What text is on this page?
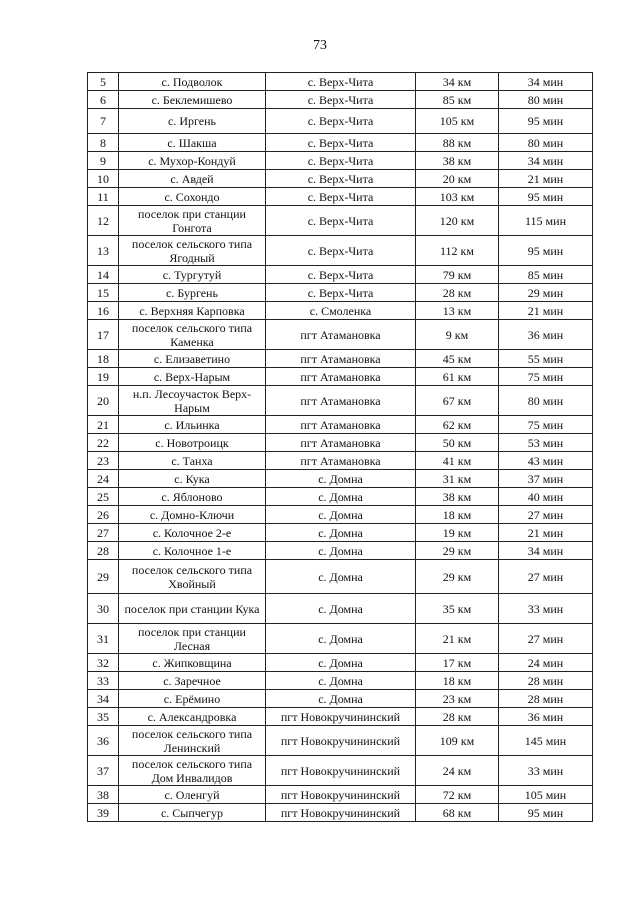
73
5	с. Подволок	с. Верх-Чита	34 км	34 мин
6	с. Беклемишево	с. Верх-Чита	85 км	80 мин
7	с. Иргень	с. Верх-Чита	105 км	95 мин
8	с. Шакша	с. Верх-Чита	88 км	80 мин
9	с. Мухор-Кондуй	с. Верх-Чита	38 км	34 мин
10	с. Авдей	с. Верх-Чита	20 км	21 мин
11	с. Сохондо	с. Верх-Чита	103 км	95 мин
12	поселок при станции Гонгота	с. Верх-Чита	120 км	115 мин
13	поселок сельского типа Ягодный	с. Верх-Чита	112 км	95 мин
14	с. Тургутуй	с. Верх-Чита	79 км	85 мин
15	с. Бургень	с. Верх-Чита	28 км	29 мин
16	с. Верхняя Карповка	с. Смоленка	13 км	21 мин
17	поселок сельского типа Каменка	пгт Атамановка	9 км	36 мин
18	с. Елизаветино	пгт Атамановка	45 км	55 мин
19	с. Верх-Нарым	пгт Атамановка	61 км	75 мин
20	н.п. Лесоучасток Верх-Нарым	пгт Атамановка	67 км	80 мин
21	с. Ильинка	пгт Атамановка	62 км	75 мин
22	с. Новотроицк	пгт Атамановка	50 км	53 мин
23	с. Танха	пгт Атамановка	41 км	43 мин
24	с. Кука	с. Домна	31 км	37 мин
25	с. Яблоново	с. Домна	38 км	40 мин
26	с. Домно-Ключи	с. Домна	18 км	27 мин
27	с. Колочное 2-е	с. Домна	19 км	21 мин
28	с. Колочное 1-е	с. Домна	29 км	34 мин
29	поселок сельского типа Хвойный	с. Домна	29 км	27 мин
30	поселок при станции Кука	с. Домна	35 км	33 мин
31	поселок при станции Лесная	с. Домна	21 км	27 мин
32	с. Жипковщина	с. Домна	17 км	24 мин
33	с. Заречное	с. Домна	18 км	28 мин
34	с. Ерёмино	с. Домна	23 км	28 мин
35	с. Александровка	пгт Новокручининский	28 км	36 мин
36	поселок сельского типа Ленинский	пгт Новокручининский	109 км	145 мин
37	поселок сельского типа Дом Инвалидов	пгт Новокручининский	24 км	33 мин
38	с. Оленгуй	пгт Новокручининский	72 км	105 мин
39	с. Сыпчегур	пгт Новокручининский	68 км	95 мин
